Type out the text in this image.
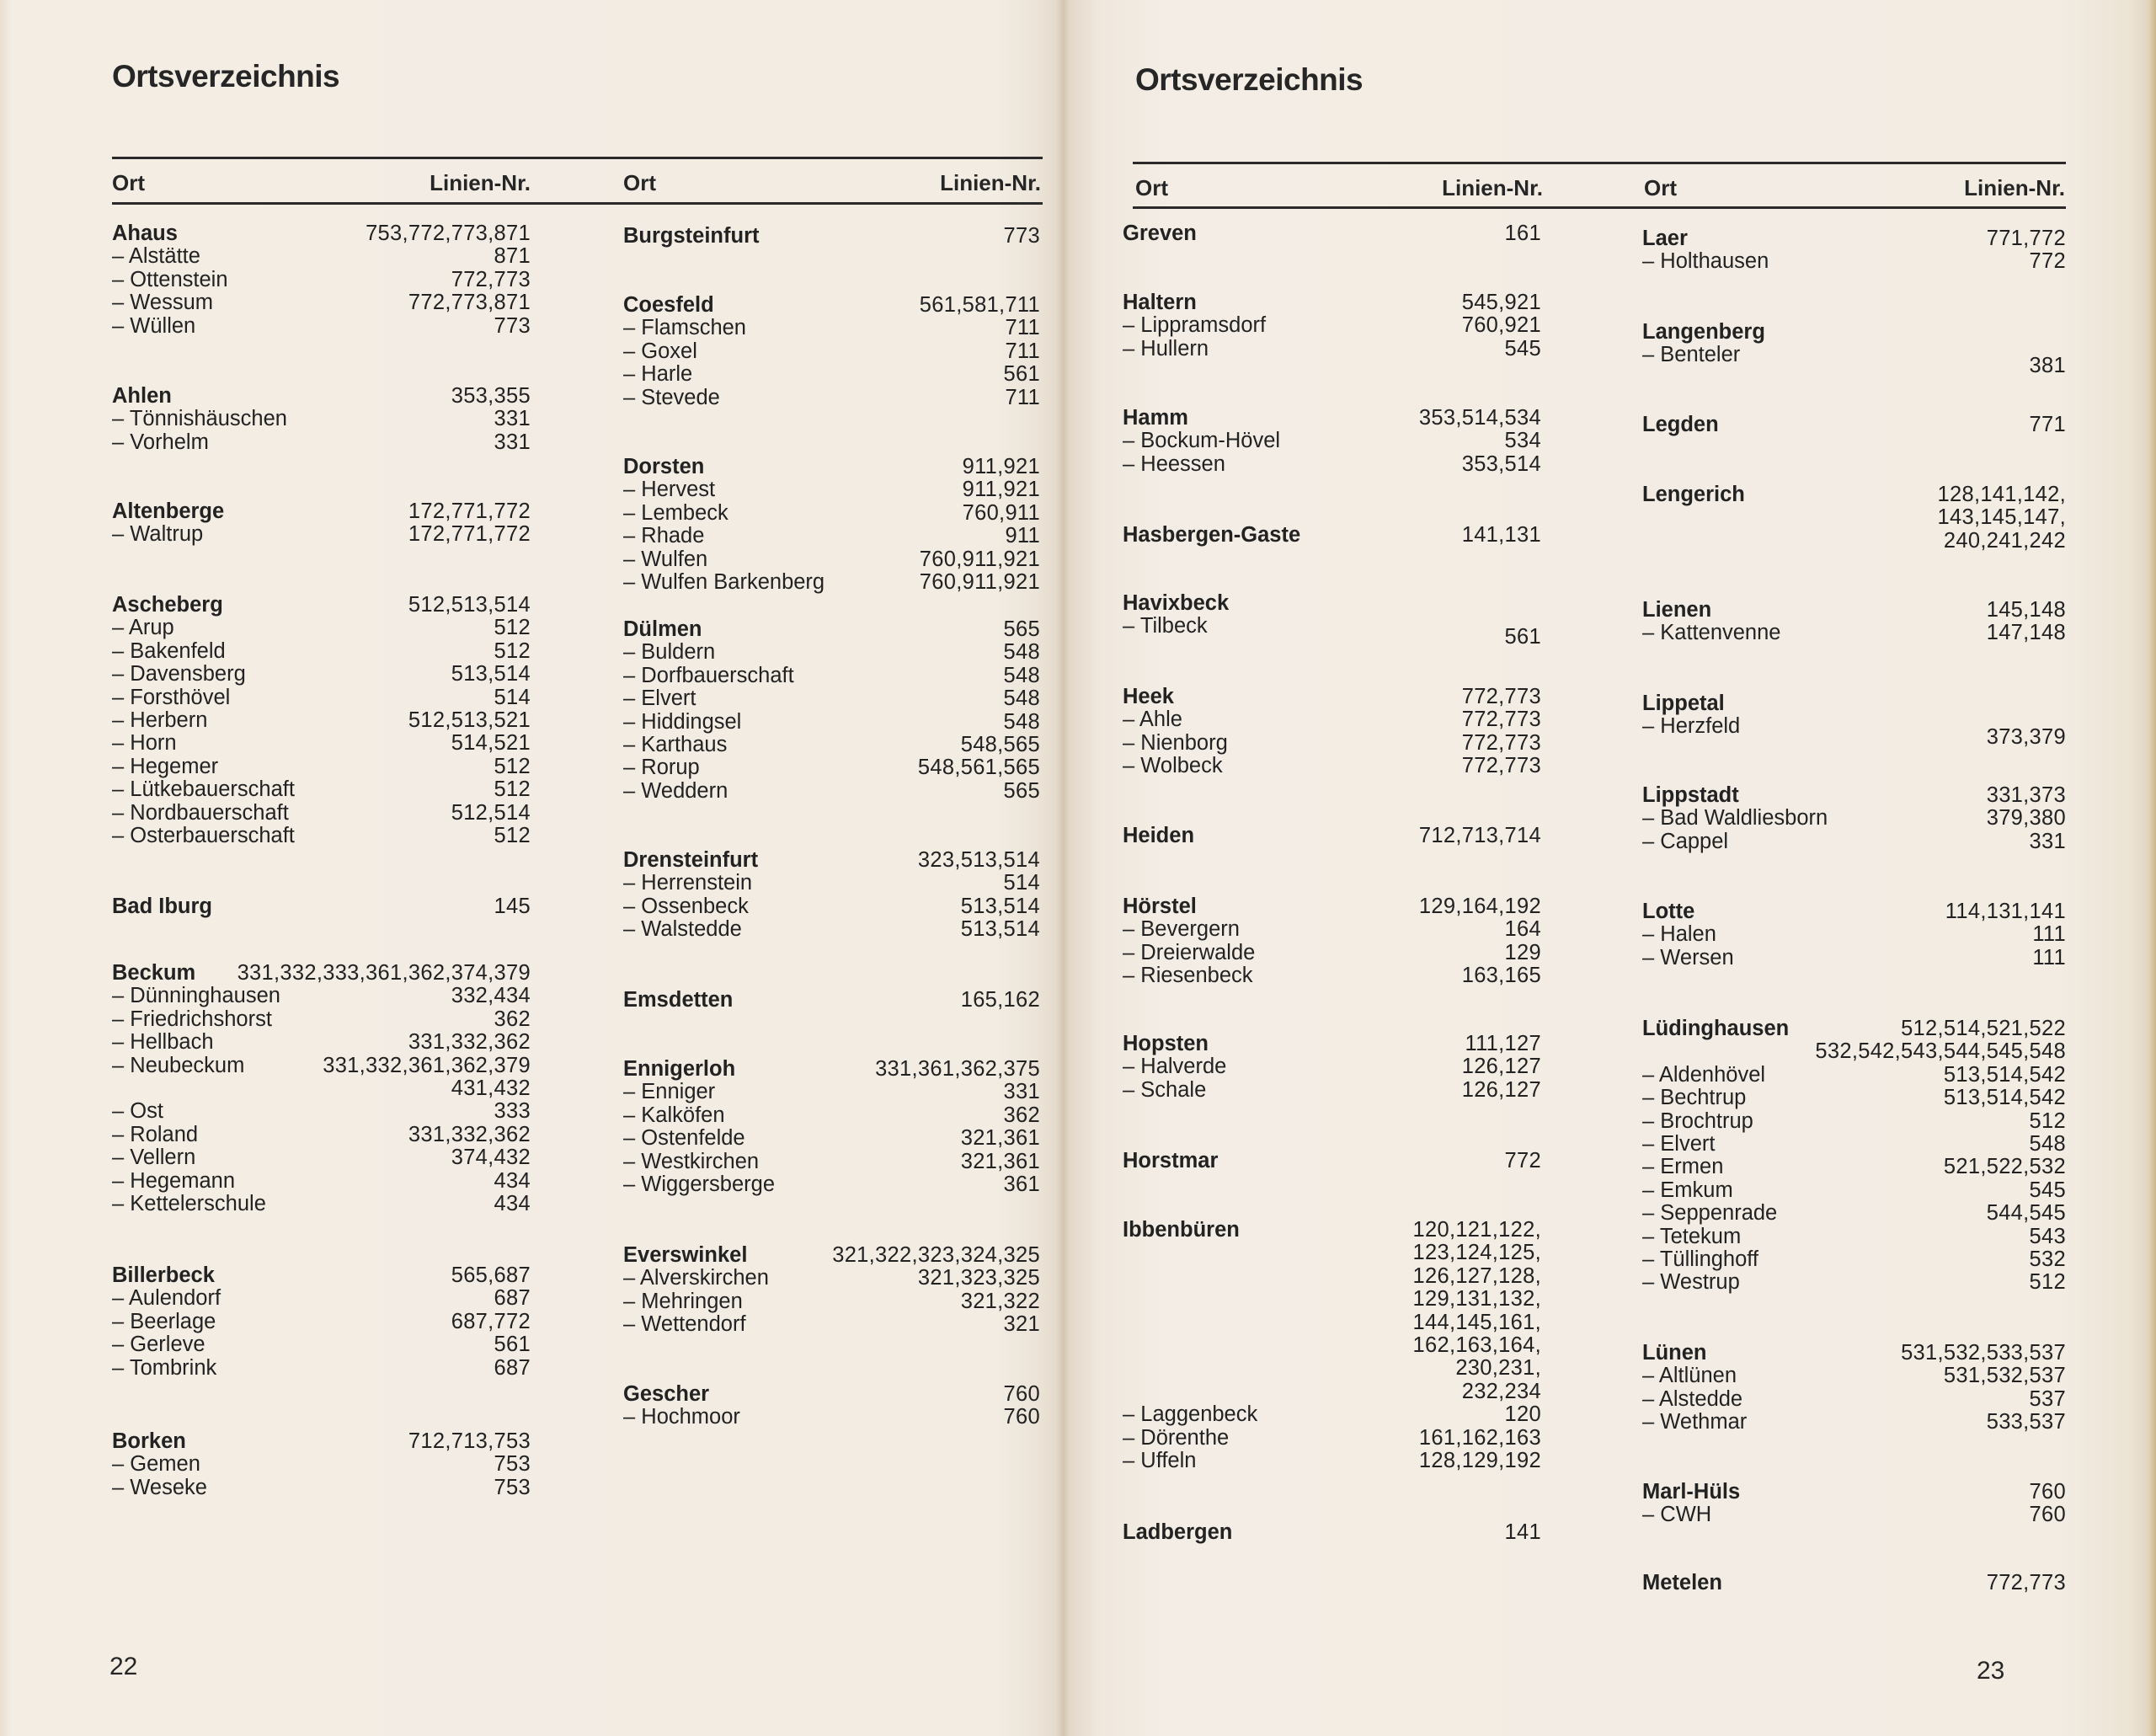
Ortsverzeichnis
Ort	Linien-Nr.	Ort	Linien-Nr.
Ahaus	753,772,773,871
– Alstätte	871
– Ottenstein	772,773
– Wessum	772,773,871
– Wüllen	773
Ahlen	353,355
– Tönnishäuschen	331
– Vorhelm	331
Altenberge	172,771,772
– Waltrup	172,771,772
Ascheberg	512,513,514
– Arup	512
– Bakenfeld	512
– Davensberg	513,514
– Forsthövel	514
– Herbern	512,513,521
– Horn	514,521
– Hegemer	512
– Lütkebauerschaft	512
– Nordbauerschaft	512,514
– Osterbauerschaft	512
Bad Iburg	145
Beckum 331,332,333,361,362,374,379
– Dünninghausen	332,434
– Friedrichshorst	362
– Hellbach	331,332,362
– Neubeckum	331,332,361,362,379
431,432
– Ost	333
– Roland	331,332,362
– Vellern	374,432
– Hegemann	434
– Kettelerschule	434
Billerbeck	565,687
– Aulendorf	687
– Beerlage	687,772
– Gerleve	561
– Tombrink	687
Borken	712,713,753
– Gemen	753
– Weseke	753
Burgsteinfurt	773
Coesfeld	561,581,711
– Flamschen	711
– Goxel	711
– Harle	561
– Stevede	711
Dorsten	911,921
– Hervest	911,921
– Lembeck	760,911
– Rhade	911
– Wulfen	760,911,921
– Wulfen Barkenberg	760,911,921
Dülmen	565
– Buldern	548
– Dorfbauerschaft	548
– Elvert	548
– Hiddingsel	548
– Karthaus	548,565
– Rorup	548,561,565
– Weddern	565
Drensteinfurt	323,513,514
– Herrenstein	514
– Ossenbeck	513,514
– Walstedde	513,514
Emsdetten	165,162
Ennigerloh	331,361,362,375
– Enniger	331
– Kalköfen	362
– Ostenfelde	321,361
– Westkirchen	321,361
– Wiggersberge	361
Everswinkel	321,322,323,324,325
– Alverskirchen	321,323,325
– Mehringen	321,322
– Wettendorf	321
Gescher	760
– Hochmoor	760
22
Ortsverzeichnis
Ort	Linien-Nr.	Ort	Linien-Nr.
Greven	161
Haltern	545,921
– Lippramsdorf	760,921
– Hullern	545
Hamm	353,514,534
– Bockum-Hövel	534
– Heessen	353,514
Hasbergen-Gaste	141,131
Havixbeck
– Tilbeck	561
Heek	772,773
– Ahle	772,773
– Nienborg	772,773
– Wolbeck	772,773
Heiden	712,713,714
Hörstel	129,164,192
– Bevergern	164
– Dreierwalde	129
– Riesenbeck	163,165
Hopsten	111,127
– Halverde	126,127
– Schale	126,127
Horstmar	772
Ibbenbüren	120,121,122,
123,124,125,
126,127,128,
129,131,132,
144,145,161,
162,163,164,
230,231,
232,234
– Laggenbeck	120
– Dörenthe	161,162,163
– Uffeln	128,129,192
Ladbergen	141
Laer	771,772
– Holthausen	772
Langenberg
– Benteler	381
Legden	771
Lengerich	128,141,142,
143,145,147,
240,241,242
Lienen	145,148
– Kattenvenne	147,148
Lippetal
– Herzfeld	373,379
Lippstadt	331,373
– Bad Waldliesborn	379,380
– Cappel	331
Lotte	114,131,141
– Halen	111
– Wersen	111
Lüdinghausen	512,514,521,522
532,542,543,544,545,548
– Aldenhövel	513,514,542
– Bechtrup	513,514,542
– Brochtrup	512
– Elvert	548
– Ermen	521,522,532
– Emkum	545
– Seppenrade	544,545
– Tetekum	543
– Tüllinghoff	532
– Westrup	512
Lünen	531,532,533,537
– Altlünen	531,532,537
– Alstedde	537
– Wethmar	533,537
Marl-Hüls	760
– CWH	760
Metelen	772,773
23
